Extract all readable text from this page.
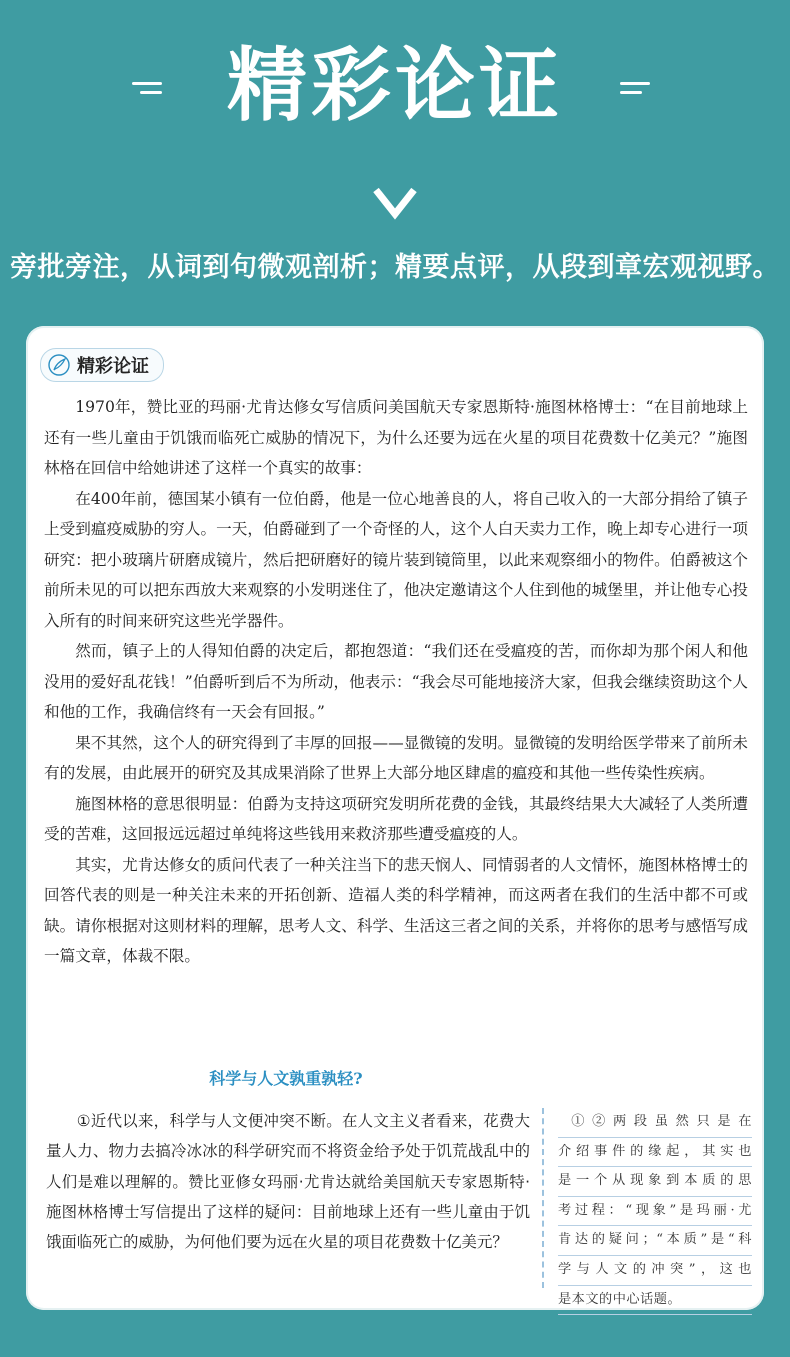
精彩论证
旁批旁注，从词到句微观剖析；精要点评，从段到章宏观视野。
精彩论证

1970年，赞比亚的玛丽·尤肯达修女写信质问美国航天专家恩斯特·施图林格博士：“在目前地球上还有一些儿童由于饥饿而临死亡威胁的情况下，为什么还要为远在火星的项目花费数十亿美元？”施图林格在回信中给她讲述了这样一个真实的故事：

在400年前，德国某小镇有一位伯爵，他是一位心地善良的人，将自己收入的一大部分捐给了镇子上受到瘟疫威胁的穷人。一天，伯爵碰到了一个奇怪的人，这个人白天卖力工作，晚上却专心进行一项研究：把小玻璃片研磨成镜片，然后把研磨好的镜片装到镜筒里，以此来观察细小的物件。伯爵被这个前所未见的可以把东西放大来观察的小发明迷住了，他决定邀请这个人住到他的城堡里，并让他专心投入所有的时间来研究这些光学器件。

然而，镇子上的人得知伯爵的决定后，都抱怨道：“我们还在受瘟疫的苦，而你却为那个闲人和他没用的爱好乱花钱！”伯爵听到后不为所动，他表示：“我会尽可能地接济大家，但我会继续资助这个人和他的工作，我确信终有一天会有回报。”

果不其然，这个人的研究得到了丰厚的回报——显微镜的发明。显微镜的发明给医学带来了前所未有的发展，由此展开的研究及其成果消除了世界上大部分地区肆虐的瘟疫和其他一些传染性疾病。

施图林格的意思很明显：伯爵为支持这项研究发明所花费的金钱，其最终结果大大减轻了人类所遭受的苦难，这回报远远超过单纯将这些钱用来救济那些遭受瘟疫的人。

其实，尤肯达修女的质问代表了一种关注当下的悲天悯人、同情弱者的人文情怀，施图林格博士的回答代表的则是一种关注未来的开拓创新、造福人类的科学精神，而这两者在我们的生活中都不可或缺。请你根据对这则材料的理解，思考人文、科学、生活这三者之间的关系，并将你的思考与感悟写成一篇文章，体裁不限。

科学与人文孰重孰轻?

①近代以来，科学与人文便冲突不断。在人文主义者看来，花费大量人力、物力去搞冷冰冰的科学研究而不将资金给予处于饥荒战乱中的人们是难以理解的。赞比亚修女玛丽·尤肯达就给美国航天专家恩斯特·施图林格博士写信提出了这样的疑问：目前地球上还有一些儿童由于饥饿面临死亡的威胁，为何他们要为远在火星的项目花费数十亿美元？

①②两段虽然只是在
介绍事件的缘起，其实也
是一个从现象到本质的思
考过程：“现象”是玛丽·尤
肯达的疑问；“本质”是“科
学与人文的冲突”，这也
是本文的中心话题。
